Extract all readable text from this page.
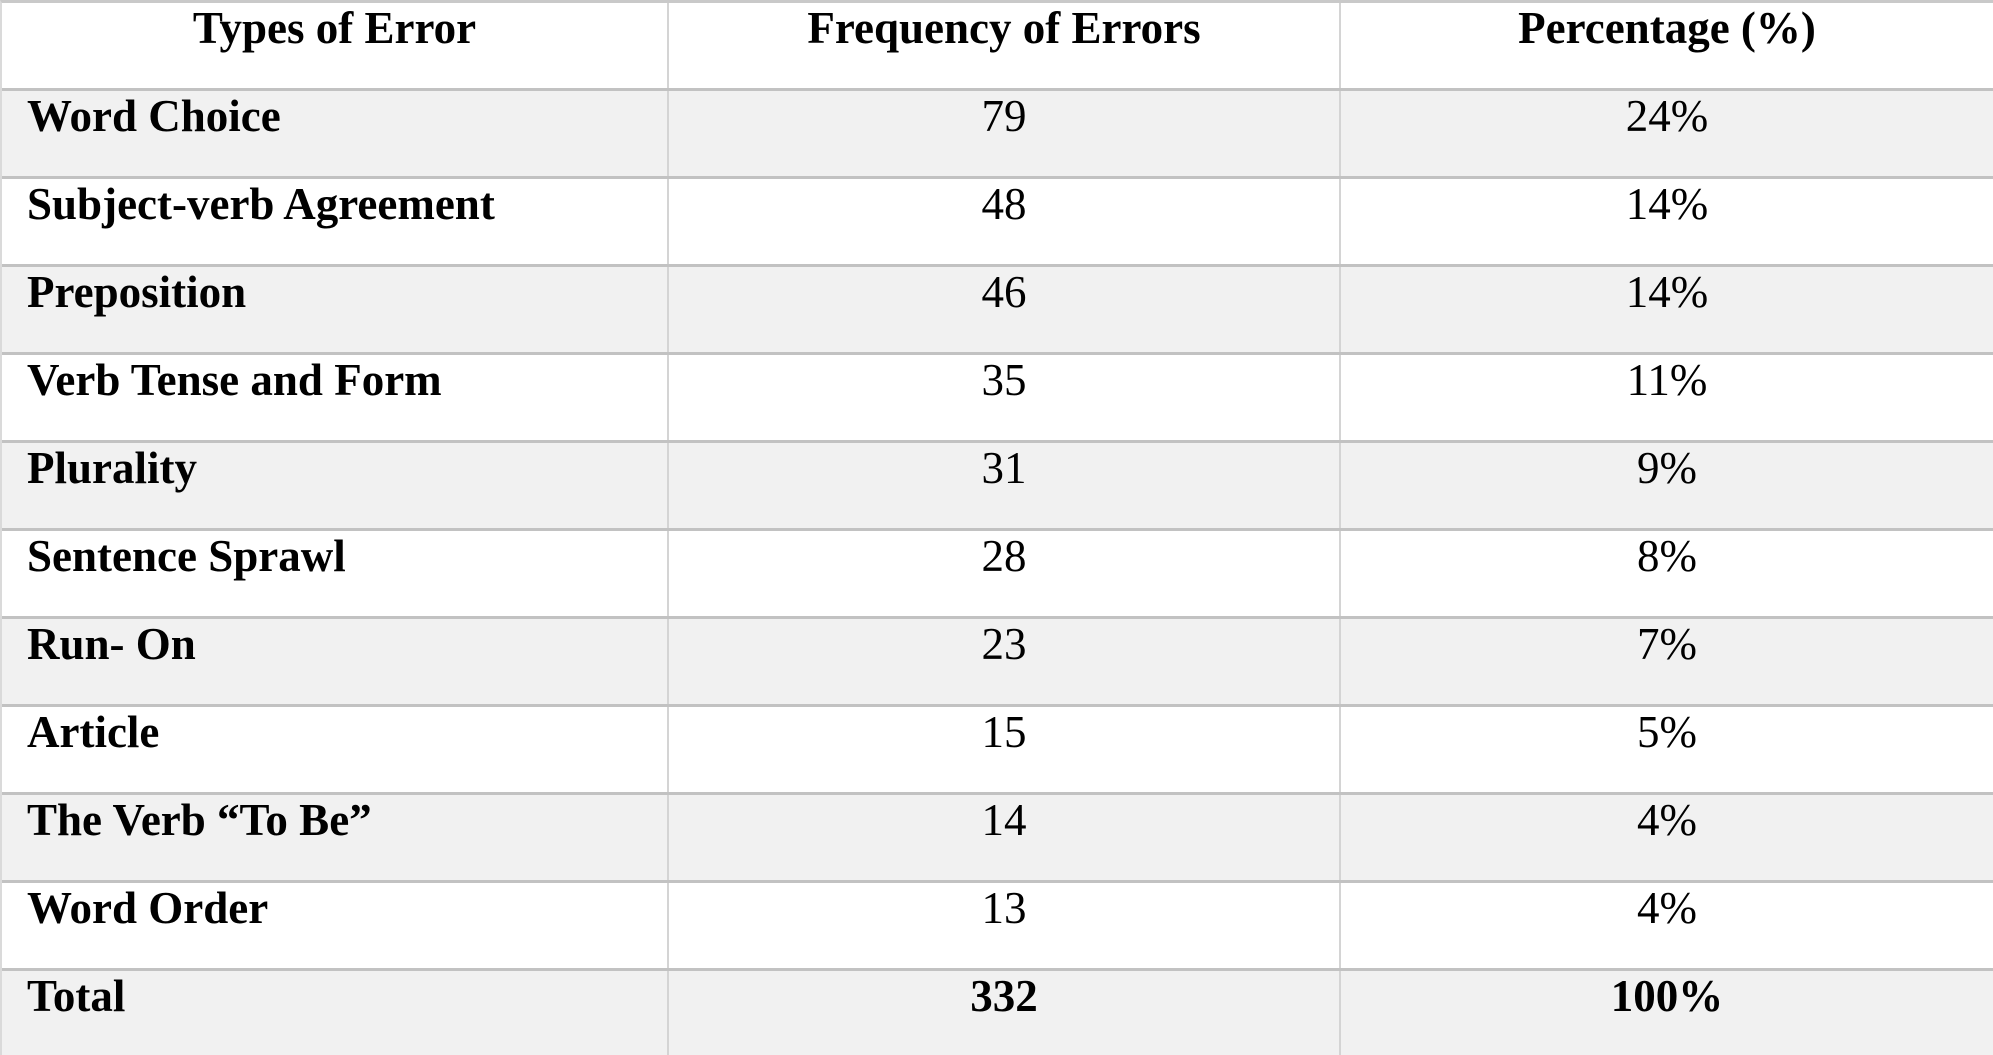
Types of Error	Frequency of Errors	Percentage (%)
Word Choice	79	24%
Subject-verb Agreement	48	14%
Preposition	46	14%
Verb Tense and Form	35	11%
Plurality	31	9%
Sentence Sprawl	28	8%
Run- On	23	7%
Article	15	5%
The Verb “To Be”	14	4%
Word Order	13	4%
Total	332	100%
